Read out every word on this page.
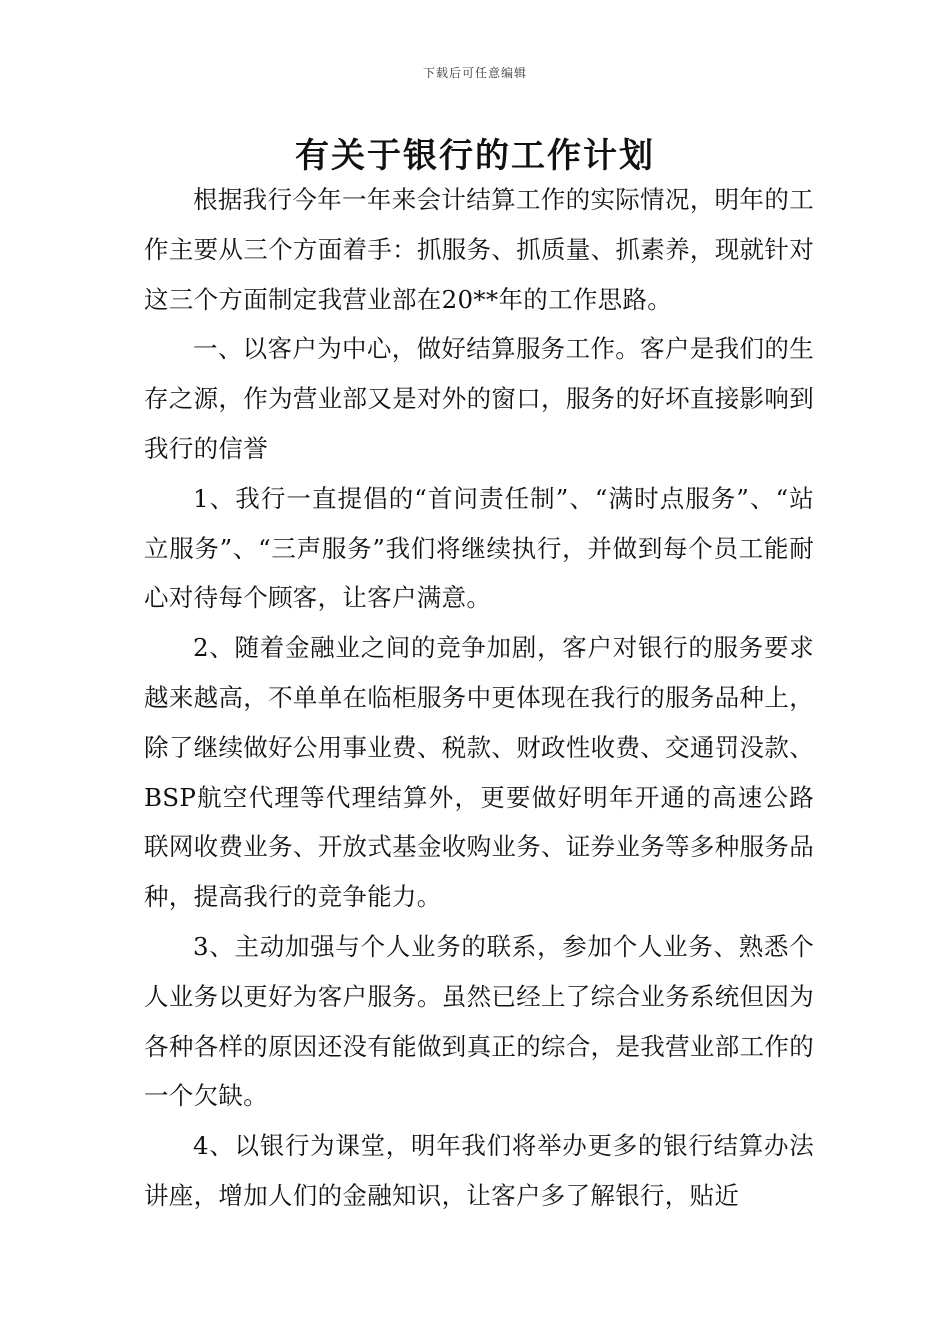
下载后可任意编辑
有关于银行的工作计划

根据我行今年一年来会计结算工作的实际情况，明年的工作主要从三个方面着手：抓服务、抓质量、抓素养，现就针对这三个方面制定我营业部在20**年的工作思路。

一、以客户为中心，做好结算服务工作。客户是我们的生存之源，作为营业部又是对外的窗口，服务的好坏直接影响到我行的信誉

1、我行一直提倡的“首问责任制”、“满时点服务”、“站立服务”、“三声服务”我们将继续执行，并做到每个员工能耐心对待每个顾客，让客户满意。

2、随着金融业之间的竞争加剧，客户对银行的服务要求越来越高，不单单在临柜服务中更体现在我行的服务品种上，除了继续做好公用事业费、税款、财政性收费、交通罚没款、BSP航空代理等代理结算外，更要做好明年开通的高速公路联网收费业务、开放式基金收购业务、证券业务等多种服务品种，提高我行的竞争能力。

3、主动加强与个人业务的联系，参加个人业务、熟悉个人业务以更好为客户服务。虽然已经上了综合业务系统但因为各种各样的原因还没有能做到真正的综合，是我营业部工作的一个欠缺。

4、以银行为课堂，明年我们将举办更多的银行结算办法讲座，增加人们的金融知识，让客户多了解银行，贴近
